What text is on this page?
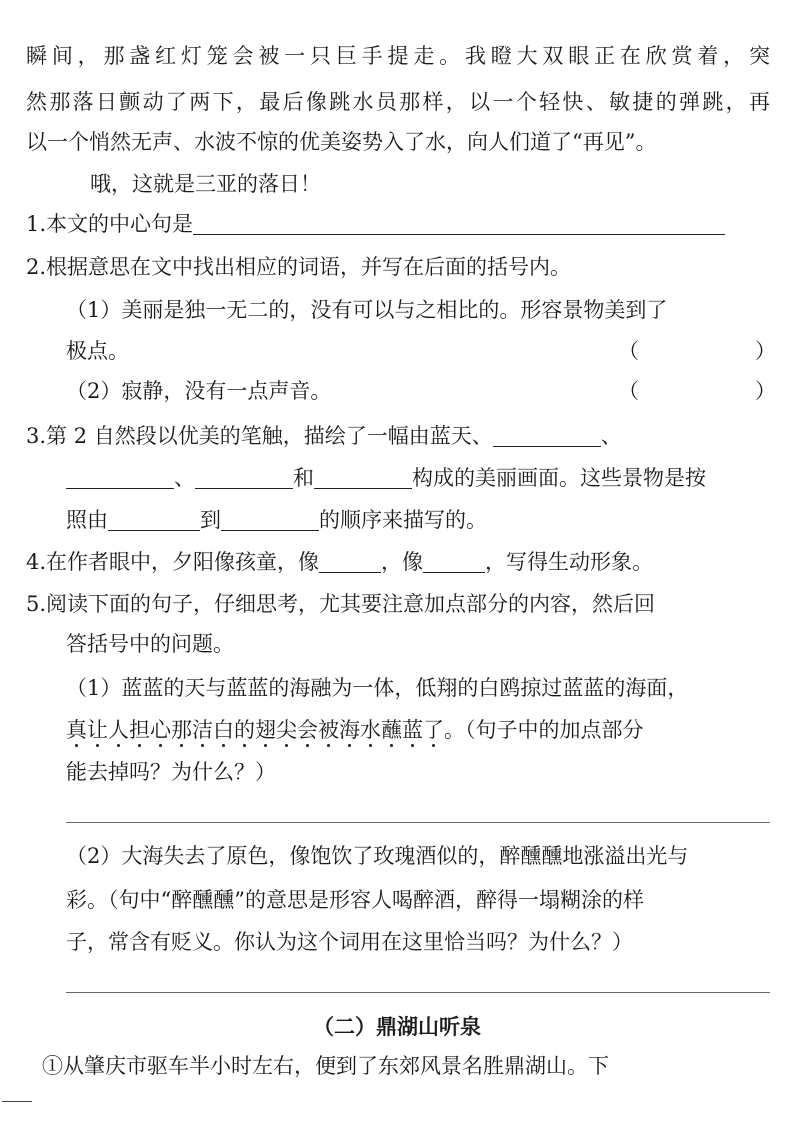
瞬间，那盏红灯笼会被一只巨手提走。我瞪大双眼正在欣赏着，突
然那落日颤动了两下，最后像跳水员那样，以一个轻快、敏捷的弹跳，再
以一个悄然无声、水波不惊的优美姿势入了水，向人们道了“再见”。
哦，这就是三亚的落日！
1.本文的中心句是
2.根据意思在文中找出相应的词语，并写在后面的括号内。
（1）美丽是独一无二的，没有可以与之相比的。形容景物美到了
极点。	（	）
（2）寂静，没有一点声音。	（	）
3.第 2 自然段以优美的笔触，描绘了一幅由蓝天、	、
、	和	构成的美丽画面。这些景物是按
照由	到	的顺序来描写的。
4.在作者眼中，夕阳像孩童，像	，像	，写得生动形象。
5.阅读下面的句子，仔细思考，尤其要注意加点部分的内容，然后回
答括号中的问题。
（1）蓝蓝的天与蓝蓝的海融为一体，低翔的白鸥掠过蓝蓝的海面，
真让人担心那洁白的翅尖会被海水蘸蓝了。（句子中的加点部分
能去掉吗？为什么？）
（2）大海失去了原色，像饱饮了玫瑰酒似的，醉醺醺地涨溢出光与
彩。（句中“醉醺醺”的意思是形容人喝醉酒，醉得一塌糊涂的样
子，常含有贬义。你认为这个词用在这里恰当吗？为什么？）
（二）鼎湖山听泉
①从肇庆市驱车半小时左右，便到了东郊风景名胜鼎湖山。下
